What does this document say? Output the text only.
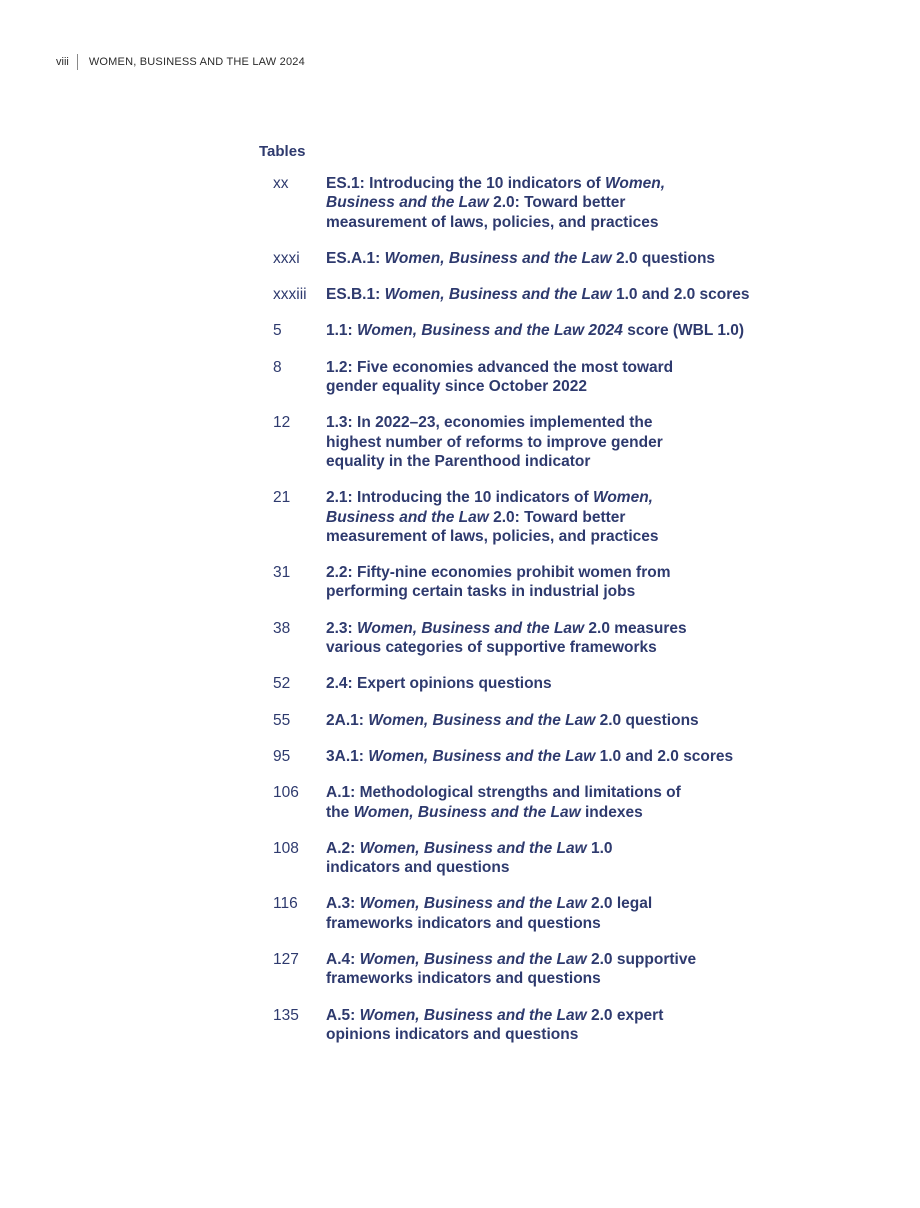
viii	WOMEN, BUSINESS AND THE LAW 2024
Tables
xx	ES.1: Introducing the 10 indicators of Women,
Business and the Law 2.0: Toward better
measurement of laws, policies, and practices
xxxi	ES.A.1: Women, Business and the Law 2.0 questions
xxxiii	ES.B.1: Women, Business and the Law 1.0 and 2.0 scores
5	1.1: Women, Business and the Law 2024 score (WBL 1.0)
8	1.2: Five economies advanced the most toward
gender equality since October 2022
12	1.3: In 2022–23, economies implemented the
highest number of reforms to improve gender
equality in the Parenthood indicator
21	2.1: Introducing the 10 indicators of Women,
Business and the Law 2.0: Toward better
measurement of laws, policies, and practices
31	2.2: Fifty-nine economies prohibit women from
performing certain tasks in industrial jobs
38	2.3: Women, Business and the Law 2.0 measures
various categories of supportive frameworks
52	2.4: Expert opinions questions
55	2A.1: Women, Business and the Law 2.0 questions
95	3A.1: Women, Business and the Law 1.0 and 2.0 scores
106	A.1: Methodological strengths and limitations of
the Women, Business and the Law indexes
108	A.2: Women, Business and the Law 1.0
indicators and questions
116	A.3: Women, Business and the Law 2.0 legal
frameworks indicators and questions
127	A.4: Women, Business and the Law 2.0 supportive
frameworks indicators and questions
135	A.5: Women, Business and the Law 2.0 expert
opinions indicators and questions
